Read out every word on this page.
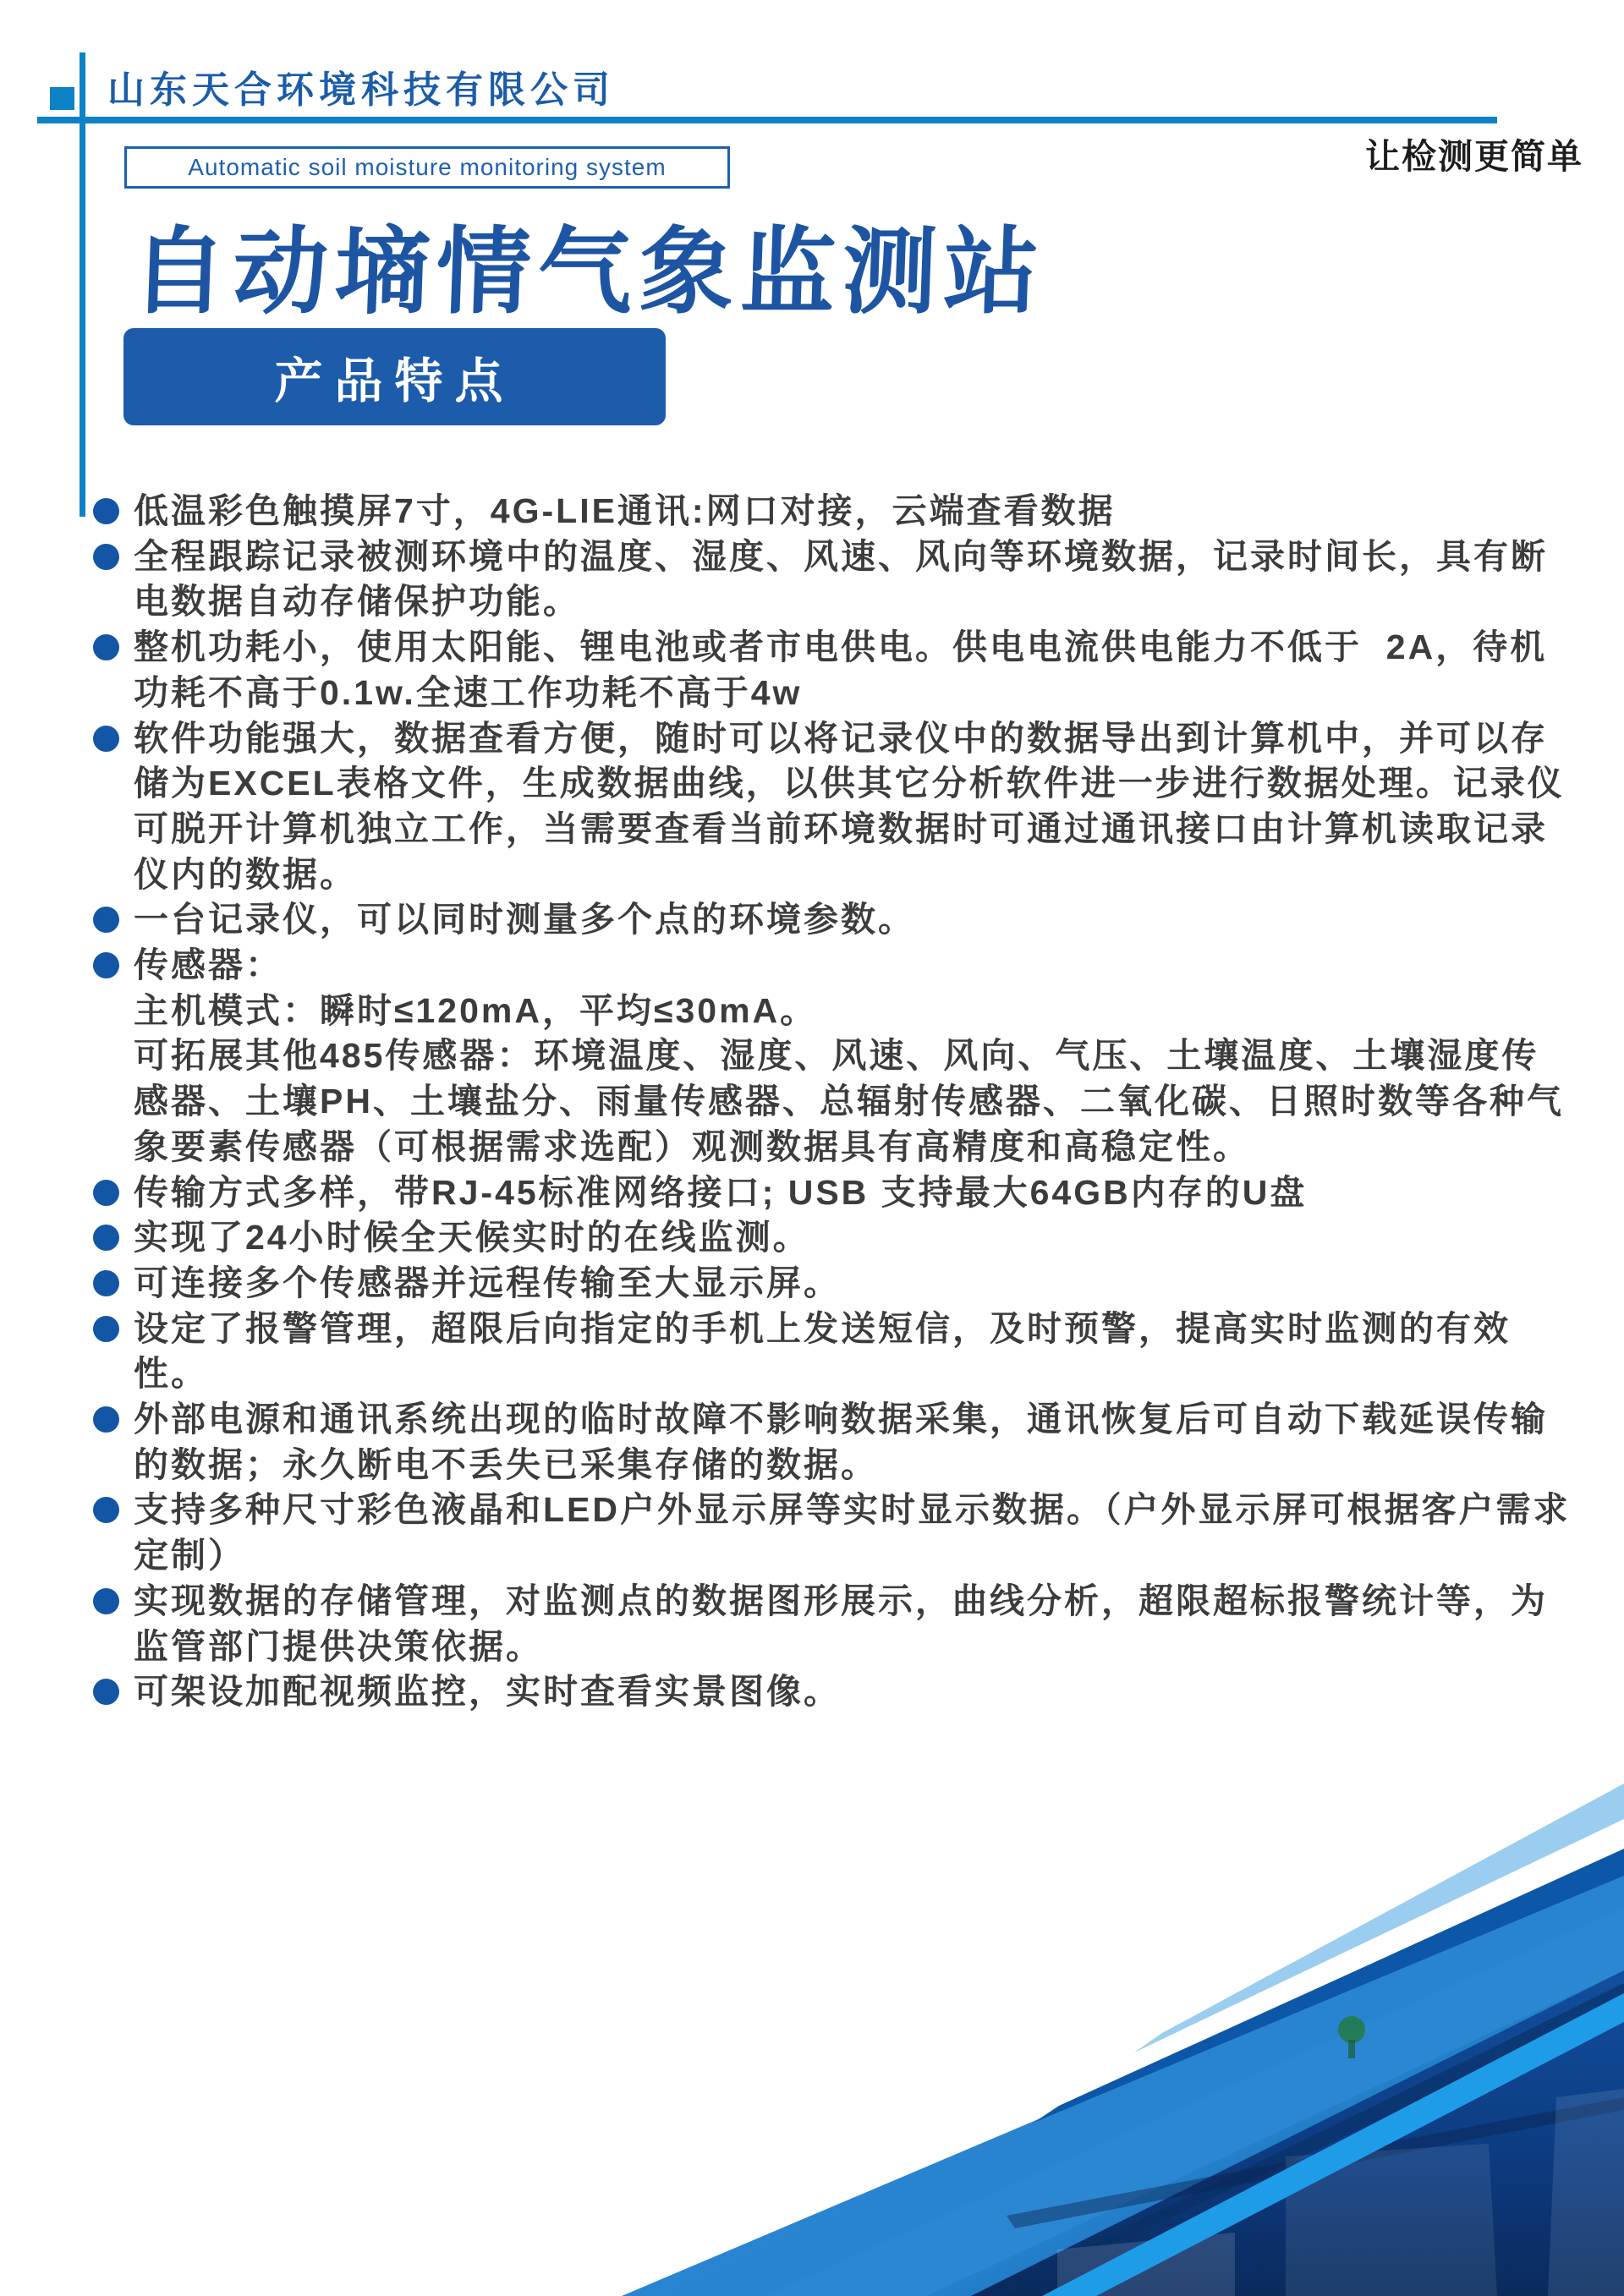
山东天合环境科技有限公司
让检测更简单
Automatic soil moisture monitoring system
自动墒情气象监测站
产品特点
低温彩色触摸屏7寸，4G-LIE通讯:网口对接，云端查看数据
全程跟踪记录被测环境中的温度、湿度、风速、风向等环境数据，记录时间长，具有断电数据自动存储保护功能。
整机功耗小，使用太阳能、锂电池或者市电供电。供电电流供电能力不低于  2A，待机功耗不高于0.1w.全速工作功耗不高于4w
软件功能强大，数据查看方便，随时可以将记录仪中的数据导出到计算机中，并可以存储为EXCEL表格文件，生成数据曲线，以供其它分析软件进一步进行数据处理。记录仪可脱开计算机独立工作，当需要查看当前环境数据时可通过通讯接口由计算机读取记录仪内的数据。
一台记录仪，可以同时测量多个点的环境参数。
传感器：
主机模式：瞬时≤120mA，平均≤30mA。
可拓展其他485传感器：环境温度、湿度、风速、风向、气压、土壤温度、土壤湿度传感器、土壤PH、土壤盐分、雨量传感器、总辐射传感器、二氧化碳、日照时数等各种气象要素传感器（可根据需求选配）观测数据具有高精度和高稳定性。
传输方式多样，带RJ-45标准网络接口; USB 支持最大64GB内存的U盘
实现了24小时候全天候实时的在线监测。
可连接多个传感器并远程传输至大显示屏。
设定了报警管理，超限后向指定的手机上发送短信，及时预警，提高实时监测的有效性。
外部电源和通讯系统出现的临时故障不影响数据采集，通讯恢复后可自动下载延误传输的数据；永久断电不丢失已采集存储的数据。
支持多种尺寸彩色液晶和LED户外显示屏等实时显示数据。（户外显示屏可根据客户需求定制）
实现数据的存储管理，对监测点的数据图形展示，曲线分析，超限超标报警统计等，为监管部门提供决策依据。
可架设加配视频监控，实时查看实景图像。
